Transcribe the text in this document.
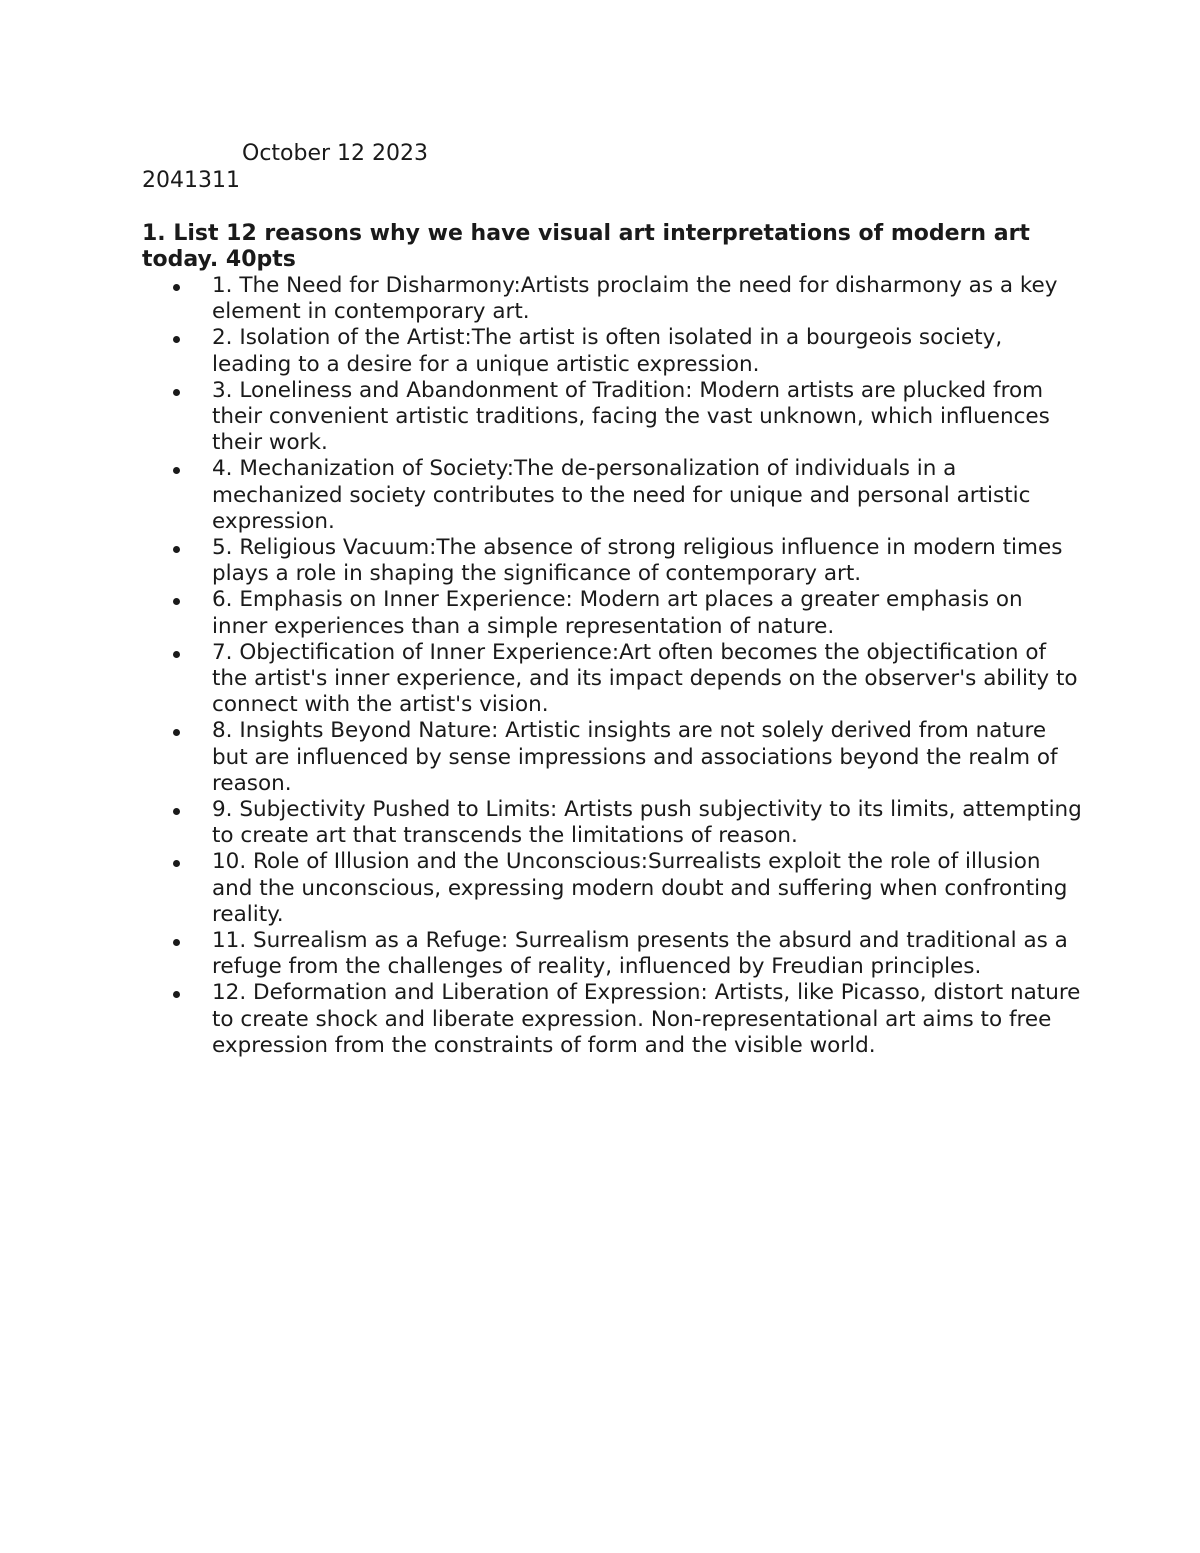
October 12 2023
2041311
1. List 12 reasons why we have visual art interpretations of modern art today. 40pts
1. The Need for Disharmony:Artists proclaim the need for disharmony as a key element in contemporary art.
2. Isolation of the Artist:The artist is often isolated in a bourgeois society, leading to a desire for a unique artistic expression.
3. Loneliness and Abandonment of Tradition: Modern artists are plucked from their convenient artistic traditions, facing the vast unknown, which influences their work.
4. Mechanization of Society:The de-personalization of individuals in a mechanized society contributes to the need for unique and personal artistic expression.
5. Religious Vacuum:The absence of strong religious influence in modern times plays a role in shaping the significance of contemporary art.
6. Emphasis on Inner Experience: Modern art places a greater emphasis on inner experiences than a simple representation of nature.
7. Objectification of Inner Experience:Art often becomes the objectification of the artist's inner experience, and its impact depends on the observer's ability to connect with the artist's vision.
8. Insights Beyond Nature: Artistic insights are not solely derived from nature but are influenced by sense impressions and associations beyond the realm of reason.
9. Subjectivity Pushed to Limits: Artists push subjectivity to its limits, attempting to create art that transcends the limitations of reason.
10. Role of Illusion and the Unconscious:Surrealists exploit the role of illusion and the unconscious, expressing modern doubt and suffering when confronting reality.
11. Surrealism as a Refuge: Surrealism presents the absurd and traditional as a refuge from the challenges of reality, influenced by Freudian principles.
12. Deformation and Liberation of Expression: Artists, like Picasso, distort nature to create shock and liberate expression. Non-representational art aims to free expression from the constraints of form and the visible world.
